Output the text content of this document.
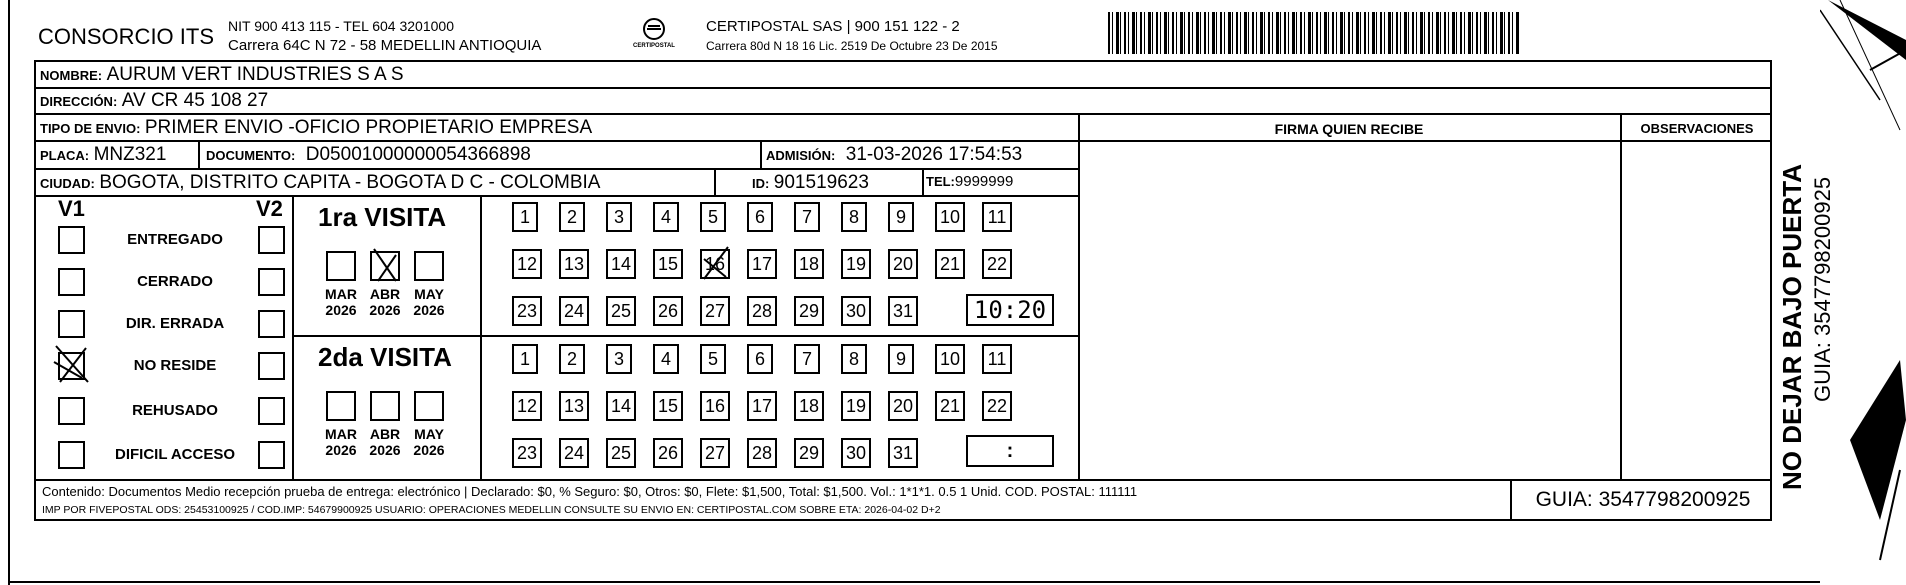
CONSORCIO ITS NIT 900 413 115 - TEL 604 3201000
Carrera 64C N 72 - 58 MEDELLIN ANTIOQUIA	CERTIPOSTAL
CERTIPOSTAL SAS | 900 151 122 - 2
Carrera 80d N 18 16 Lic. 2519 De Octubre 23 De 2015
NOMBRE: AURUM VERT INDUSTRIES S A S
DIRECCIÓN: AV CR 45 108 27
TIPO DE ENVIO: PRIMER ENVIO -OFICIO PROPIETARIO EMPRESA	FIRMA QUIEN RECIBE	OBSERVACIONES
PLACA: MNZ321	DOCUMENTO: D05001000000054366898	ADMISIÓN: 31-03-2026 17:54:53
CIUDAD: BOGOTA, DISTRITO CAPITA - BOGOTA D C - COLOMBIA	ID: 901519623	TEL:9999999
V1	V2
ENTREGADO
CERRADO
DIR. ERRADA
NO RESIDE
REHUSADO
DIFICIL ACCESO
1ra VISITA
2da VISITA
MAR
2026
ABR
2026
MAY
2026
MAR
2026
ABR
2026
MAY
2026
1	2	3	4	5	6	7	8	9	10	11
12 13 14 15 16 17 18 19 20 21 22
23 24 25 26 27 28 29 30 31
1	2	3	4	5	6	7	8	9	10	11
12 13 14 15 16 17 18 19 20 21 22
23 24 25 26 27 28 29 30 31
10:20
:
Contenido: Documentos Medio recepción prueba de entrega: electrónico | Declarado: $0, % Seguro: $0, Otros: $0, Flete: $1,500, Total: $1,500. Vol.: 1*1*1. 0.5 1 Unid. COD. POSTAL: 111111
IMP POR FIVEPOSTAL ODS: 25453100925 / COD.IMP: 54679900925 USUARIO: OPERACIONES MEDELLIN CONSULTE SU ENVIO EN: CERTIPOSTAL.COM SOBRE ETA: 2026-04-02 D+2	GUIA: 3547798200925
NO DEJAR BAJO PUERTA GUIA: 3547798200925
